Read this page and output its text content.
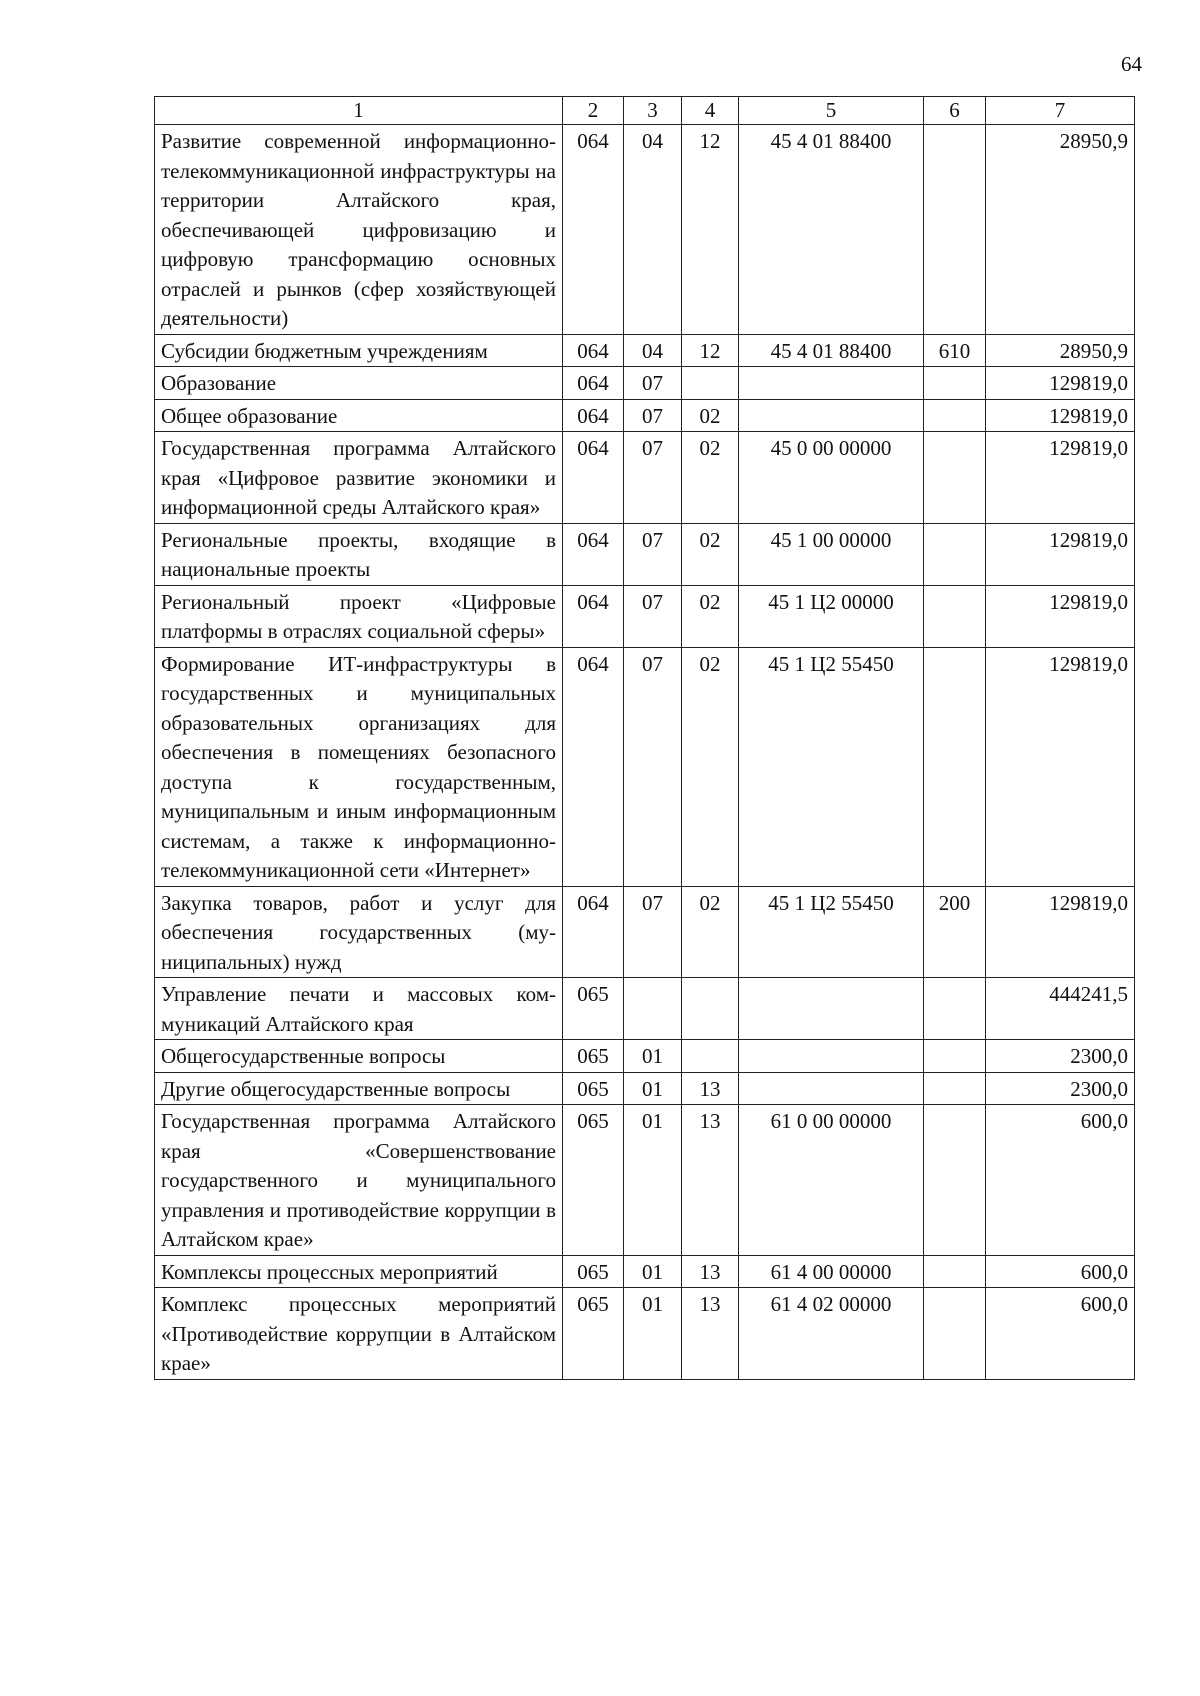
64
1	2	3	4	5	6	7
Развитие современной информационно-телекоммуникационной инфраструктуры на территории Алтайского края, обеспечивающей цифровизацию и цифровую трансформацию основных отраслей и рынков (сфер хозяйствующей деятельности)	064	04	12	45 4 01 88400		28950,9
Субсидии бюджетным учреждениям	064	04	12	45 4 01 88400	610	28950,9
Образование	064	07				129819,0
Общее образование	064	07	02			129819,0
Государственная программа Алтайского края «Цифровое развитие экономики и информационной среды Алтайского края»	064	07	02	45 0 00 00000		129819,0
Региональные проекты, входящие в национальные проекты	064	07	02	45 1 00 00000		129819,0
Региональный проект «Цифровые платформы в отраслях социальной сферы»	064	07	02	45 1 Ц2 00000		129819,0
Формирование ИТ-инфраструктуры в государственных и муниципальных образовательных организациях для обеспечения в помещениях безопасного доступа к государственным, муниципальным и иным информационным системам, а также к информационно-телекоммуникационной сети «Интернет»	064	07	02	45 1 Ц2 55450		129819,0
Закупка товаров, работ и услуг для обеспечения государственных (муниципальных) нужд	064	07	02	45 1 Ц2 55450	200	129819,0
Управление печати и массовых коммуникаций Алтайского края	065					444241,5
Общегосударственные вопросы	065	01				2300,0
Другие общегосударственные вопросы	065	01	13			2300,0
Государственная программа Алтайского края «Совершенствование государственного и муниципального управления и противодействие коррупции в Алтайском крае»	065	01	13	61 0 00 00000		600,0
Комплексы процессных мероприятий	065	01	13	61 4 00 00000		600,0
Комплекс процессных мероприятий «Противодействие коррупции в Алтайском крае»	065	01	13	61 4 02 00000		600,0
